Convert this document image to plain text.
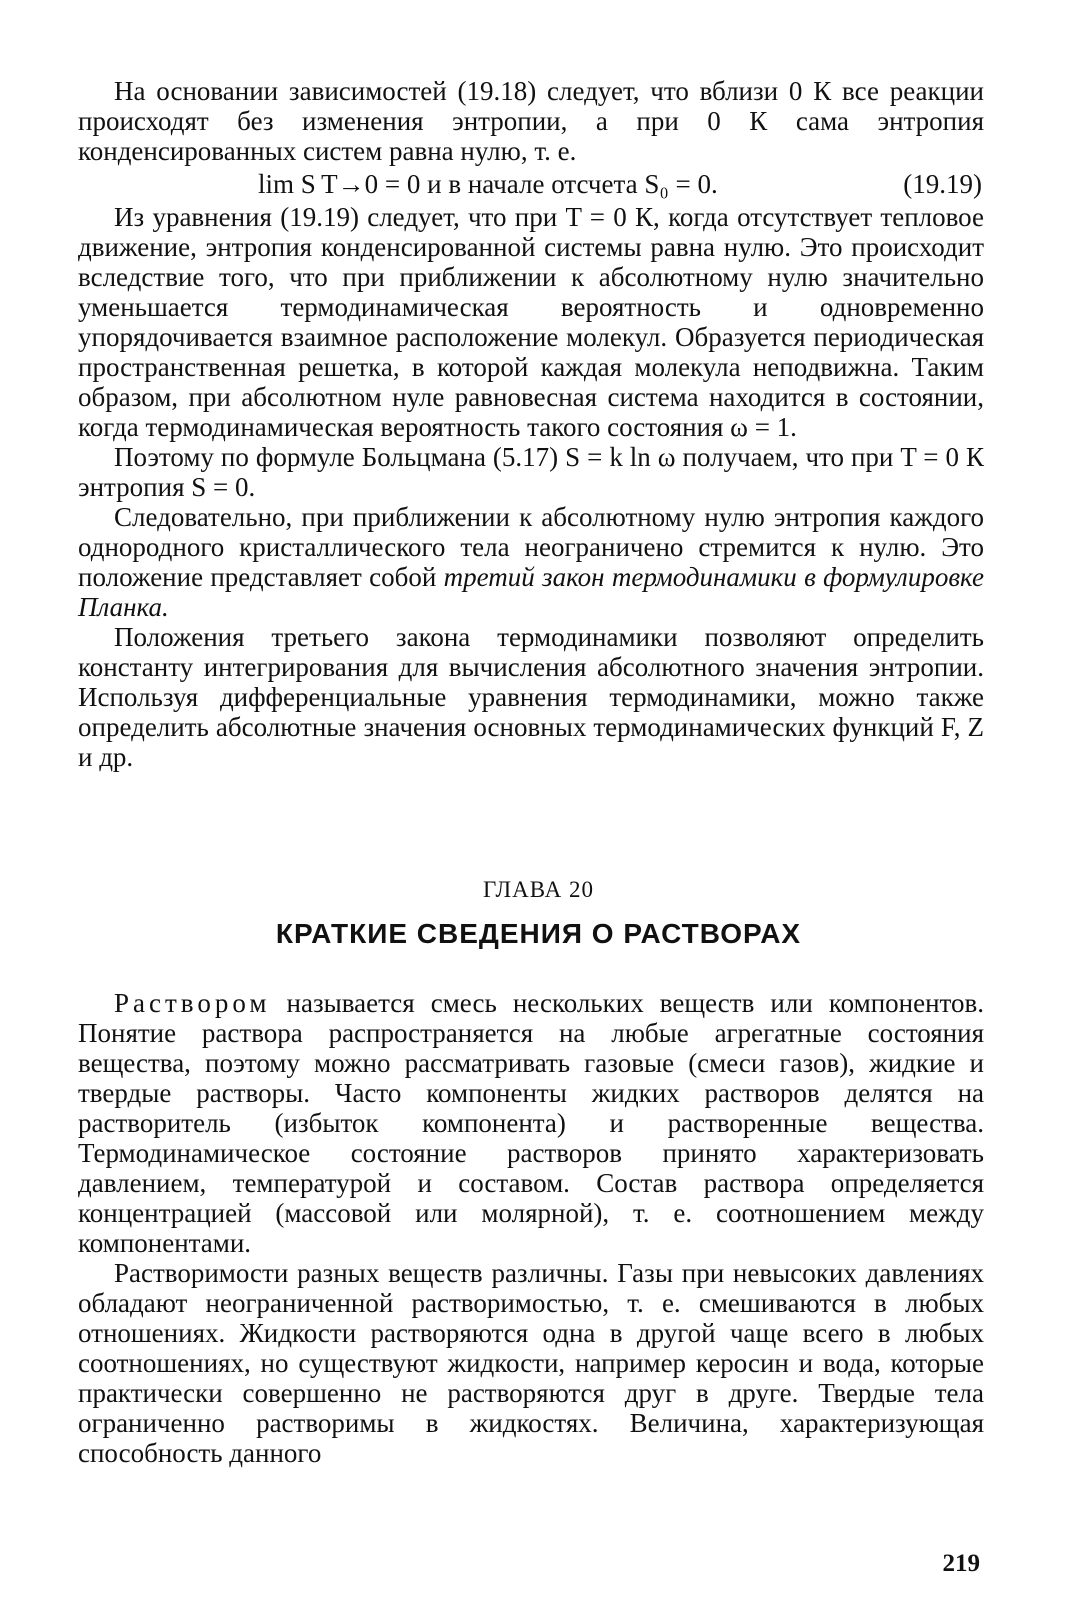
На основании зависимостей (19.18) следует, что вблизи 0 К все реакции происходят без изменения энтропии, а при 0 К сама энтропия конденсированных систем равна нулю, т. е.

lim S T→0 = 0 и в начале отсчета S₀ = 0.	(19.19)

Из уравнения (19.19) следует, что при T = 0 К, когда отсутствует тепловое движение, энтропия конденсированной системы равна нулю. Это происходит вследствие того, что при приближении к абсолютному нулю значительно уменьшается термодинамическая вероятность и одновременно упорядочивается взаимное расположение молекул. Образуется периодическая пространственная решетка, в которой каждая молекула неподвижна. Таким образом, при абсолютном нуле равновесная система находится в состоянии, когда термодинамическая вероятность такого состояния ω = 1.

Поэтому по формуле Больцмана (5.17) S = k ln ω получаем, что при T = 0 К энтропия S = 0.

Следовательно, при приближении к абсолютному нулю энтропия каждого однородного кристаллического тела неограничено стремится к нулю. Это положение представляет собой третий закон термодинамики в формулировке Планка.

Положения третьего закона термодинамики позволяют определить константу интегрирования для вычисления абсолютного значения энтропии. Используя дифференциальные уравнения термодинамики, можно также определить абсолютные значения основных термодинамических функций F, Z и др.

ГЛАВА 20
КРАТКИЕ СВЕДЕНИЯ О РАСТВОРАХ

Раствором называется смесь нескольких веществ или компонентов. Понятие раствора распространяется на любые агрегатные состояния вещества, поэтому можно рассматривать газовые (смеси газов), жидкие и твердые растворы. Часто компоненты жидких растворов делятся на растворитель (избыток компонента) и растворенные вещества. Термодинамическое состояние растворов принято характеризовать давлением, температурой и составом. Состав раствора определяется концентрацией (массовой или молярной), т. е. соотношением между компонентами.

Растворимости разных веществ различны. Газы при невысоких давлениях обладают неограниченной растворимостью, т. е. смешиваются в любых отношениях. Жидкости растворяются одна в другой чаще всего в любых соотношениях, но существуют жидкости, например керосин и вода, которые практически совершенно не растворяются друг в друге. Твердые тела ограниченно растворимы в жидкостях. Величина, характеризующая способность данного

219
